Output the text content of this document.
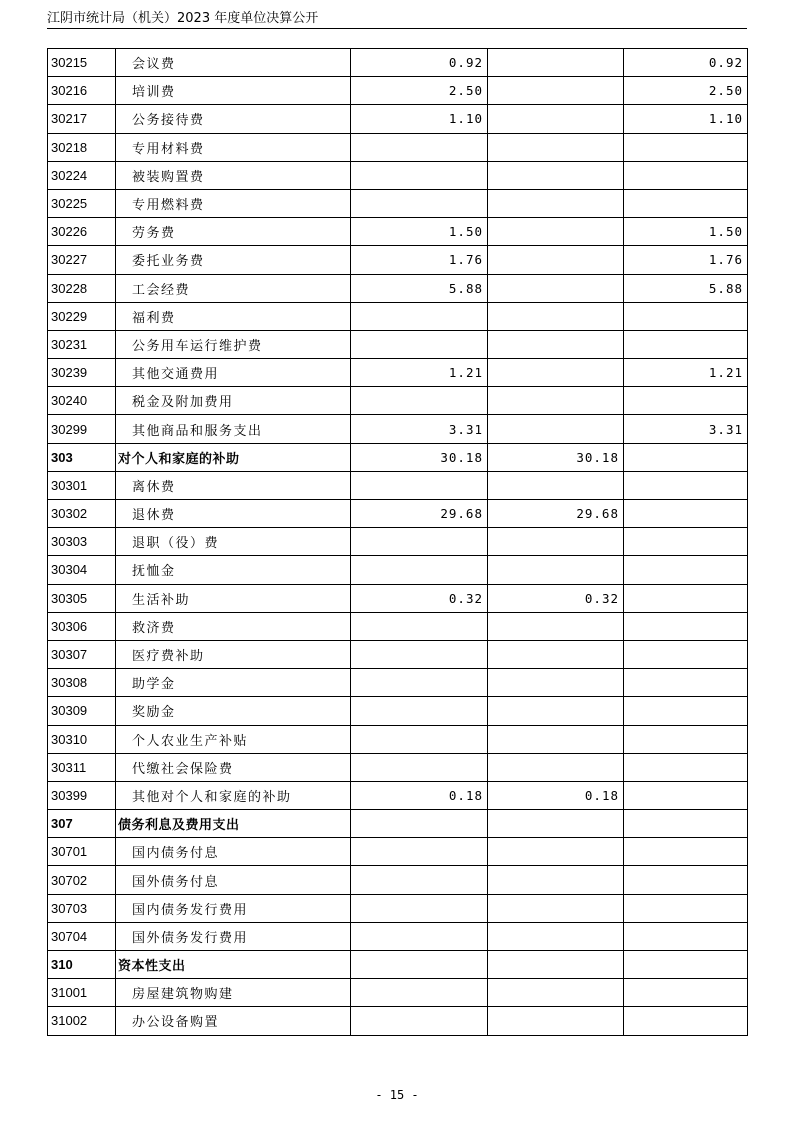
江阴市统计局（机关）2023 年度单位决算公开
30215	会议费	0.92		0.92
30216	培训费	2.50		2.50
30217	公务接待费	1.10		1.10
30218	专用材料费			
30224	被装购置费			
30225	专用燃料费			
30226	劳务费	1.50		1.50
30227	委托业务费	1.76		1.76
30228	工会经费	5.88		5.88
30229	福利费			
30231	公务用车运行维护费			
30239	其他交通费用	1.21		1.21
30240	税金及附加费用			
30299	其他商品和服务支出	3.31		3.31
303	对个人和家庭的补助	30.18	30.18	
30301	离休费			
30302	退休费	29.68	29.68	
30303	退职（役）费			
30304	抚恤金			
30305	生活补助	0.32	0.32	
30306	救济费			
30307	医疗费补助			
30308	助学金			
30309	奖励金			
30310	个人农业生产补贴			
30311	代缴社会保险费			
30399	其他对个人和家庭的补助	0.18	0.18	
307	债务利息及费用支出			
30701	国内债务付息			
30702	国外债务付息			
30703	国内债务发行费用			
30704	国外债务发行费用			
310	资本性支出			
31001	房屋建筑物购建			
31002	办公设备购置			
- 15 -
